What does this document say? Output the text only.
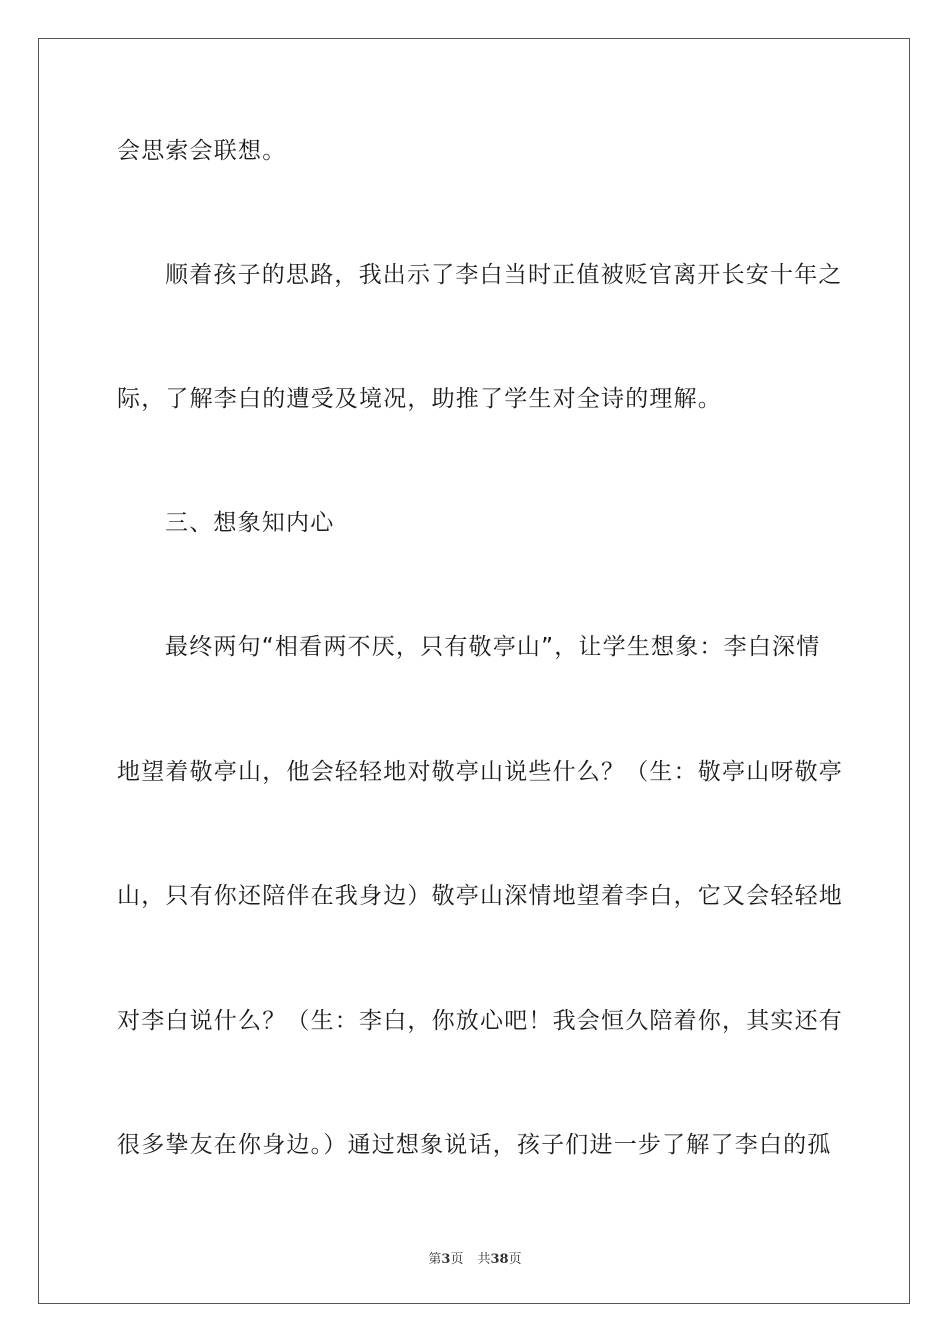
会思索会联想。
顺着孩子的思路，我出示了李白当时正值被贬官离开长安十年之
际，了解李白的遭受及境况，助推了学生对全诗的理解。
三、想象知内心
最终两句“相看两不厌，只有敬亭山”，让学生想象：李白深情
地望着敬亭山，他会轻轻地对敬亭山说些什么？（生：敬亭山呀敬亭
山，只有你还陪伴在我身边）敬亭山深情地望着李白，它又会轻轻地
对李白说什么？（生：李白，你放心吧！我会恒久陪着你，其实还有
很多挚友在你身边。）通过想象说话，孩子们进一步了解了李白的孤
第3页 共38页
